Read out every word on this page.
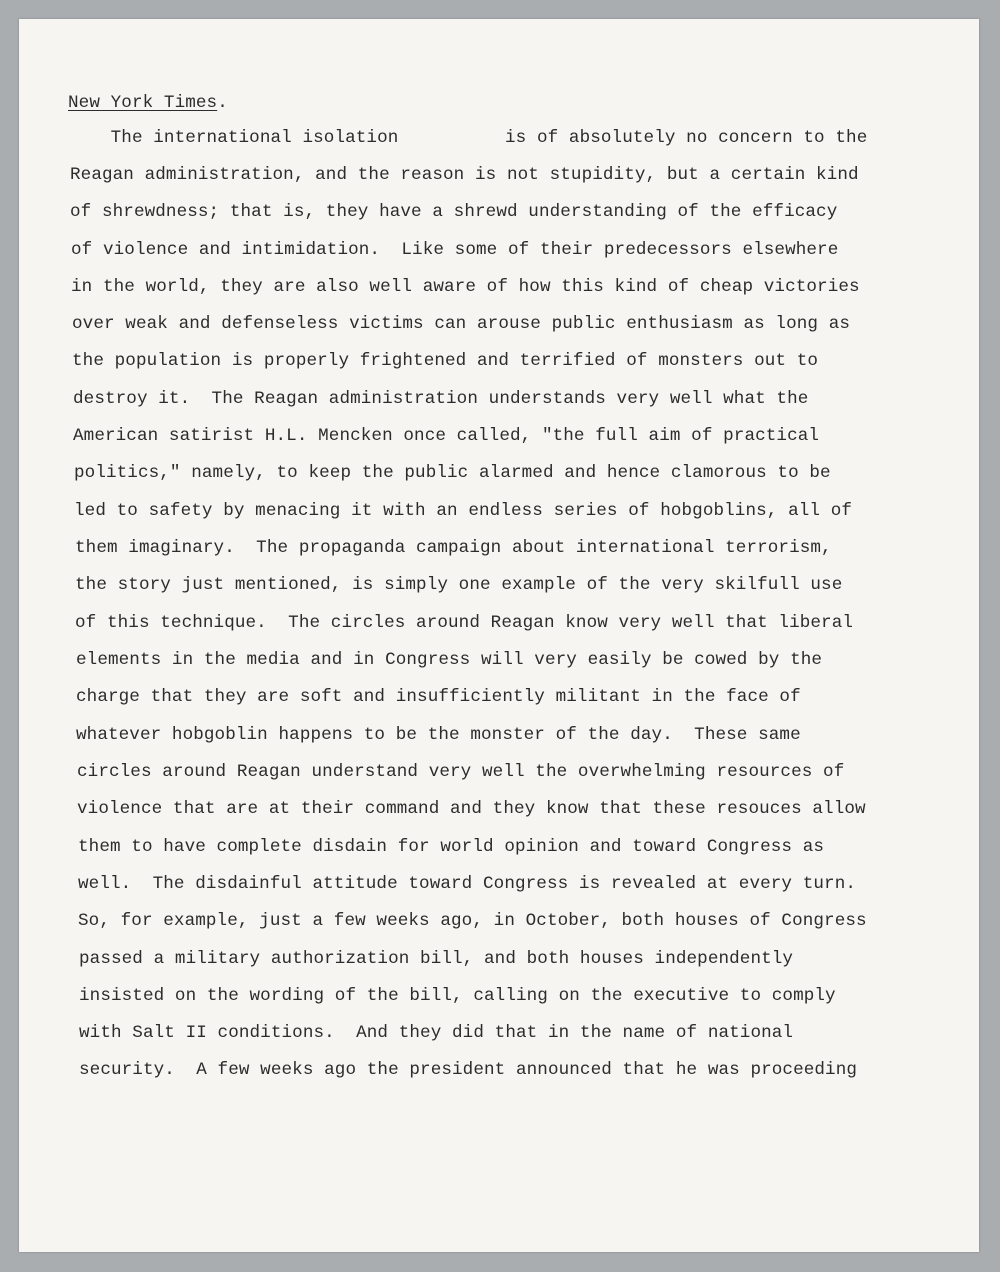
New York Times.
The international isolation          is of absolutely no concern to the
Reagan administration, and the reason is not stupidity, but a certain kind
of shrewdness; that is, they have a shrewd understanding of the efficacy
of violence and intimidation.  Like some of their predecessors elsewhere
in the world, they are also well aware of how this kind of cheap victories
over weak and defenseless victims can arouse public enthusiasm as long as
the population is properly frightened and terrified of monsters out to
destroy it.  The Reagan administration understands very well what the
American satirist H.L. Mencken once called, "the full aim of practical
politics," namely, to keep the public alarmed and hence clamorous to be
led to safety by menacing it with an endless series of hobgoblins, all of
them imaginary.  The propaganda campaign about international terrorism,
the story just mentioned, is simply one example of the very skilfull use
of this technique.  The circles around Reagan know very well that liberal
elements in the media and in Congress will very easily be cowed by the
charge that they are soft and insufficiently militant in the face of
whatever hobgoblin happens to be the monster of the day.  These same
circles around Reagan understand very well the overwhelming resources of
violence that are at their command and they know that these resouces allow
them to have complete disdain for world opinion and toward Congress as
well.  The disdainful attitude toward Congress is revealed at every turn.
So, for example, just a few weeks ago, in October, both houses of Congress
passed a military authorization bill, and both houses independently
insisted on the wording of the bill, calling on the executive to comply
with Salt II conditions.  And they did that in the name of national
security.  A few weeks ago the president announced that he was proceeding
